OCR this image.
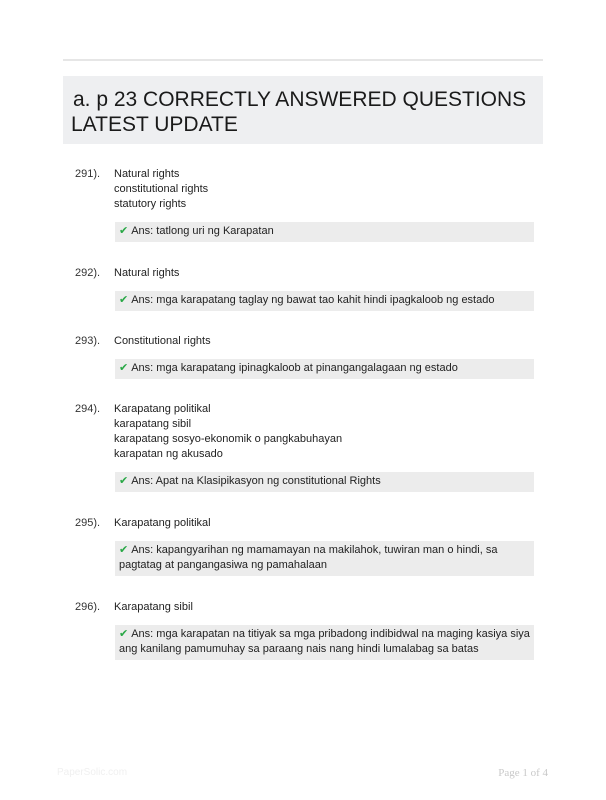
a. p 23 CORRECTLY ANSWERED QUESTIONS
LATEST UPDATE
291). Natural rights
constitutional rights
statutory rights
✔ Ans: tatlong uri ng Karapatan
292). Natural rights
✔ Ans: mga karapatang taglay ng bawat tao kahit hindi ipagkaloob ng estado
293). Constitutional rights
✔ Ans: mga karapatang ipinagkaloob at pinangangalagaan ng estado
294). Karapatang politikal
karapatang sibil
karapatang sosyo-ekonomik o pangkabuhayan
karapatan ng akusado
✔ Ans: Apat na Klasipikasyon ng constitutional Rights
295). Karapatang politikal
✔ Ans: kapangyarihan ng mamamayan na makilahok, tuwiran man o hindi, sa pagtatag at pangangasiwa ng pamahalaan
296). Karapatang sibil
✔ Ans: mga karapatan na titiyak sa mga pribadong indibidwal na maging kasiya siya ang kanilang pamumuhay sa paraang nais nang hindi lumalabag sa batas
PaperSolic.com	Page 1 of 4
